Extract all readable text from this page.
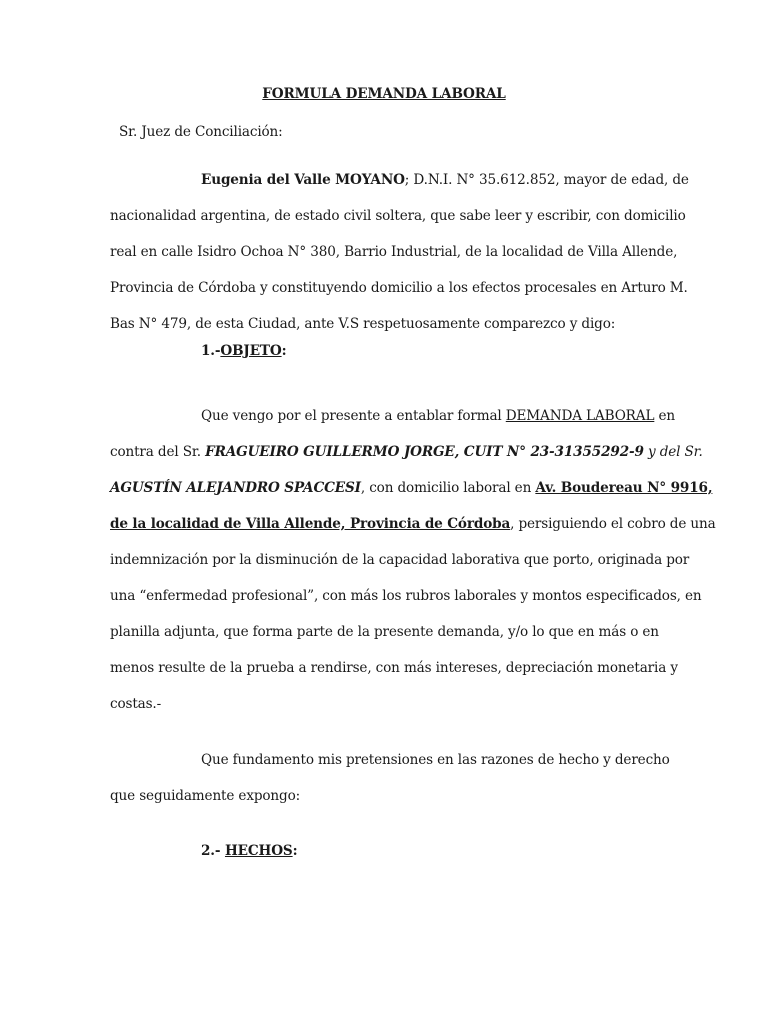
FORMULA DEMANDA LABORAL
Sr. Juez de Conciliación:
Eugenia del Valle MOYANO; D.N.I. N° 35.612.852, mayor de edad, de
nacionalidad argentina, de estado civil soltera, que sabe leer y escribir, con domicilio
real en calle Isidro Ochoa N° 380, Barrio Industrial, de la localidad de Villa Allende,
Provincia de Córdoba y constituyendo domicilio a los efectos procesales en Arturo M.
Bas N° 479, de esta Ciudad, ante V.S respetuosamente comparezco y digo:
1.-OBJETO:
Que vengo por el presente a entablar formal DEMANDA LABORAL en
contra del Sr. FRAGUEIRO GUILLERMO JORGE, CUIT N° 23-31355292-9 y del Sr.
AGUSTÍN ALEJANDRO SPACCESI, con domicilio laboral en Av. Boudereau N° 9916,
de la localidad de Villa Allende, Provincia de Córdoba, persiguiendo el cobro de una
indemnización por la disminución de la capacidad laborativa que porto, originada por
una “enfermedad profesional”, con más los rubros laborales y montos especificados, en
planilla adjunta, que forma parte de la presente demanda, y/o lo que en más o en
menos resulte de la prueba a rendirse, con más intereses, depreciación monetaria y
costas.-
Que fundamento mis pretensiones en las razones de hecho y derecho
que seguidamente expongo:
2.- HECHOS:
